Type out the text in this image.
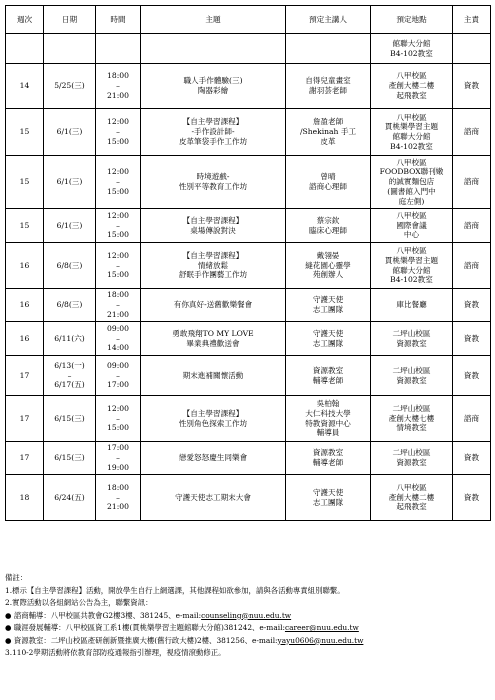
週次	日期	時間	主題	預定主講人	預定地點	主責
					館聯大分館
B4-102教室	
14	5/25(三)	18:00
–
21:00	職人手作體驗(三)
陶器彩繪	自得兒童畫室
謝羽荟老師	八甲校區
產創大樓二樓
起飛教室	資教
15	6/1(三)	12:00
–
15:00	【自主學習課程】
-手作設計師-
皮革筆袋手作工作坊	詹盈老師
/Shekinah 手工
皮革	八甲校區
貫桃樂學習主題
館聯大分館
B4-102教室	諮商
15	6/1(三)	12:00
–
15:00	時境遊戲-
性別平等教育工作坊	曾晴
諮商心理師	八甲校區
FOODBOX聯刊嫩
的誠實麵包店
(圖書館入門中
庭左側)	諮商
15	6/1(三)	12:00
–
15:00	【自主學習課程】
桌場傳說對決	蔡宗欽
臨床心理師	八甲校區
國際會議
中心	諮商
16	6/8(三)	12:00
–
15:00	【自主學習課程】
情緒放鬆
舒眠手作團藝工作坊	戴翎晏
縫花園心靈學
苑創辦人	八甲校區
貫桃樂學習主題
館聯大分館
B4-102教室	諮商
16	6/8(三)	18:00
–
21:00	有你真好-送舊歡樂餐會	守護天使
志工團隊	庫比餐廳	資教
16	6/11(六)	09:00
–
14:00	勇敢飛翔TO MY LOVE
畢業典禮歡送會	守護天使
志工團隊	二坪山校區
資源教室	資教
17	6/13(一)
–
6/17(五)	09:00
–
17:00	期末進補關懷活動	資源教室
輔導老師	二坪山校區
資源教室	資教
17	6/15(三)	12:00
–
15:00	【自主學習課程】
性別角色探索工作坊	吳柏翰
大仁科技大學
特教資源中心
輔導員	二坪山校區
產創大樓七樓
情境教室	諮商
17	6/15(三)	17:00
–
19:00	戀愛怒怒慶生同樂會	資源教室
輔導老師	二坪山校區
資源教室	資教
18	6/24(五)	18:00
–
21:00	守護天使志工期末大會	守護天使
志工團隊	八甲校區
產創大樓二樓
起飛教室	資教
備註：
1.標示【自主學習課程】活動，開放學生自行上網選課，其他課程如欲參加，請與各活動專責組別聯繫。
2.實際活動以各組網站公告為主，聯繫資訊：
● 諮商輔導：八甲校區共教會G2樓3樓、381245、e-mail:counseling@nuu.edu.tw
● 職涯發展輔導：八甲校區資工系1樓(貫桃樂學習主題館聯大分館)381242、e-mail:career@nuu.edu.tw
● 資源教室：二坪山校區產研創新暨推廣大樓(舊行政大樓)2樓、381256、e-mail:yayu0606@nuu.edu.tw
3.110-2學期活動將依教育部防疫通報指引辦理，視疫情滾動修正。
